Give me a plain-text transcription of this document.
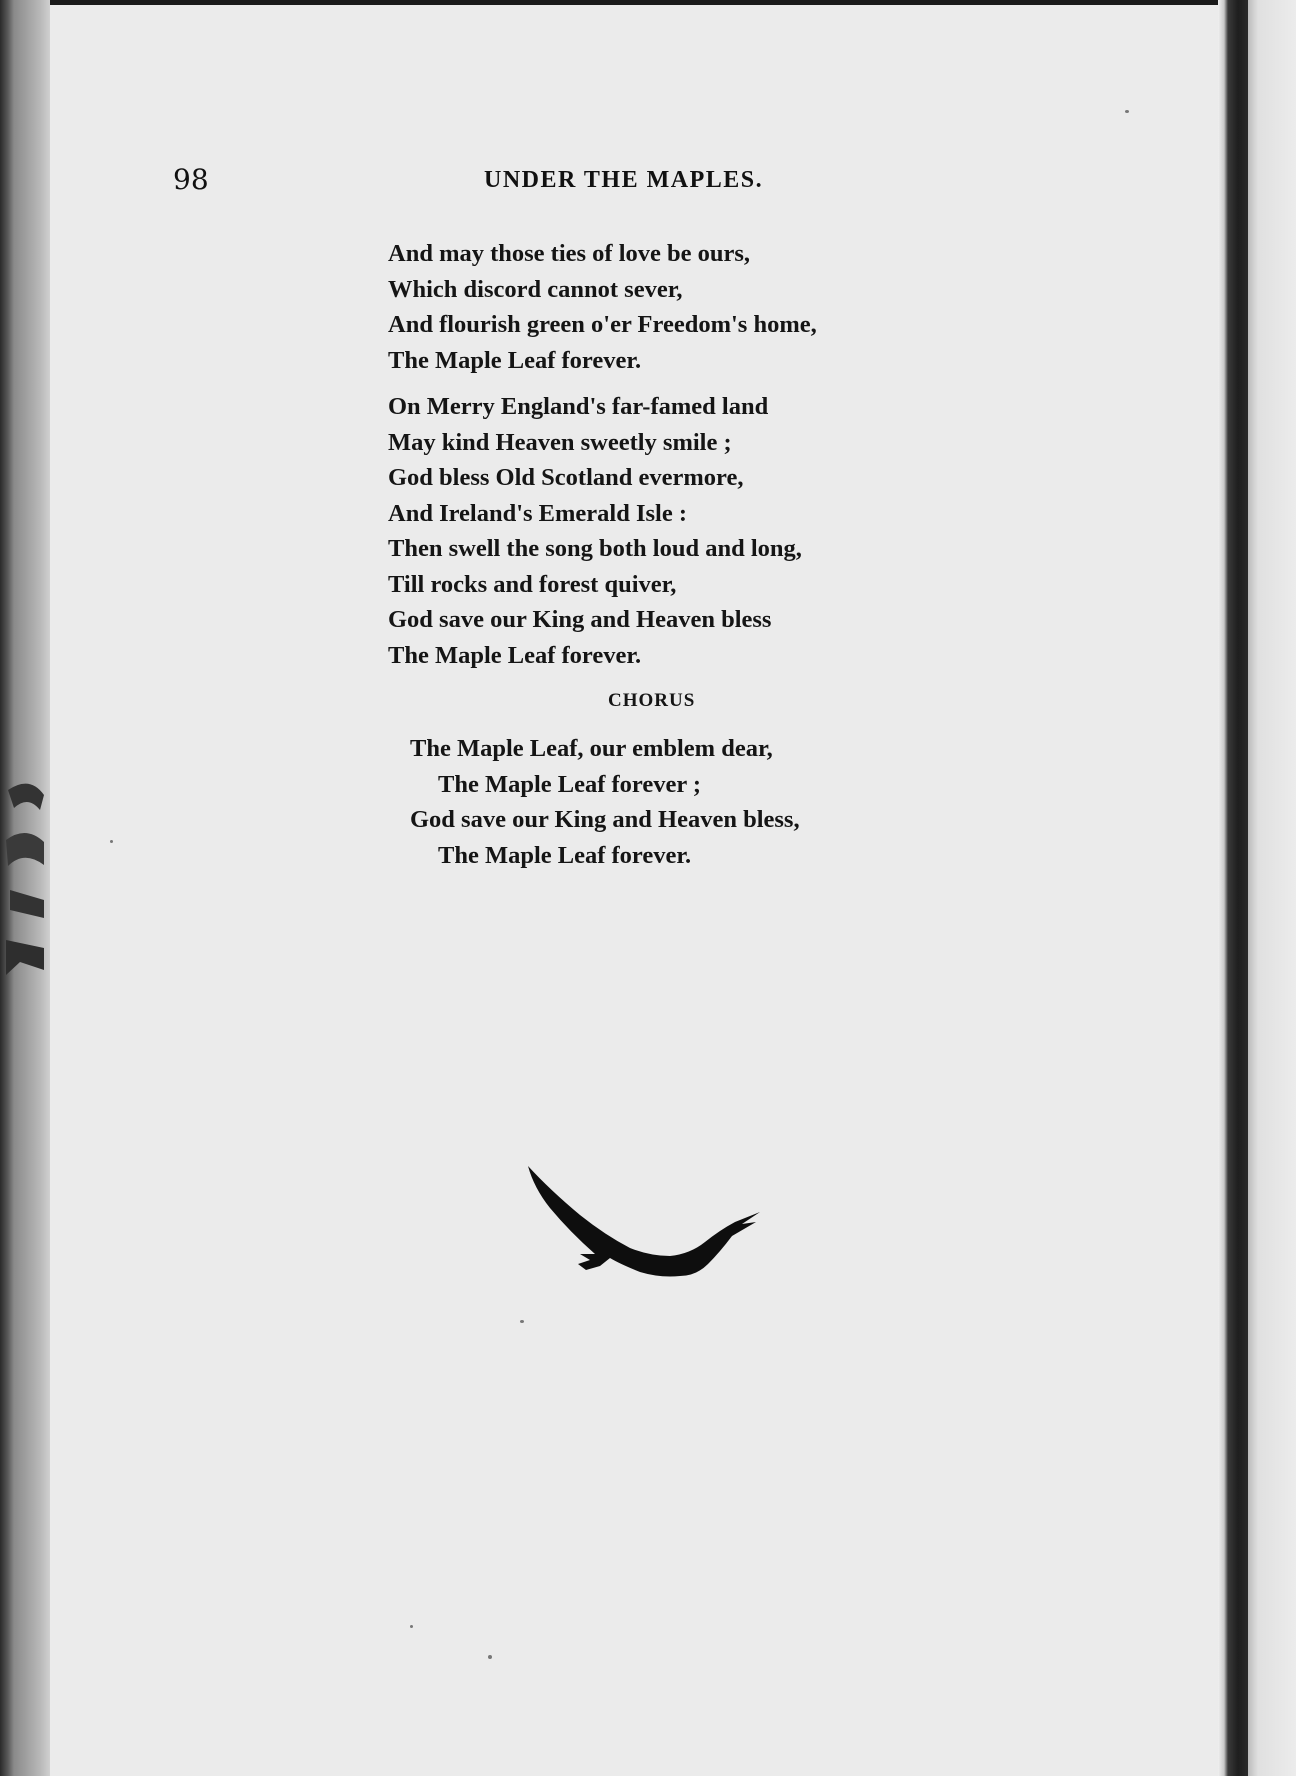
98	UNDER THE MAPLES.
And may those ties of love be ours,
Which discord cannot sever,
And flourish green o'er Freedom's home,
The Maple Leaf forever.
On Merry England's far-famed land
May kind Heaven sweetly smile ;
God bless Old Scotland evermore,
And Ireland's Emerald Isle :
Then swell the song both loud and long,
Till rocks and forest quiver,
God save our King and Heaven bless
The Maple Leaf forever.
CHORUS
The Maple Leaf, our emblem dear,
The Maple Leaf forever ;
God save our King and Heaven bless,
The Maple Leaf forever.
